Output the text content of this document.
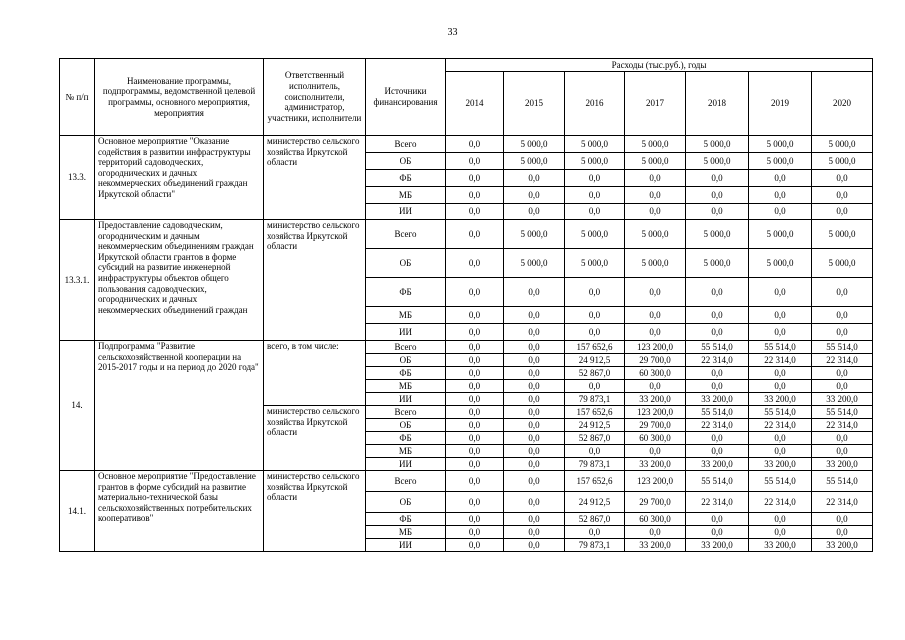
33
№ п/п	Наименование программы, подпрограммы, ведомственной целевой программы, основного мероприятия, мероприятия	Ответственный исполнитель, соисполнители, администратор, участники, исполнители	Источники финансирования	Расходы (тыс.руб.), годы						
				2014	2015	2016	2017	2018	2019	2020
13.3.	Основное мероприятие "Оказание содействия в развитии инфраструктуры территорий садоводческих, огороднических и дачных некоммерческих объединений граждан Иркутской области"	министерство сельского хозяйства Иркутской области	Всего	0,0	5 000,0	5 000,0	5 000,0	5 000,0	5 000,0	5 000,0
			ОБ	0,0	5 000,0	5 000,0	5 000,0	5 000,0	5 000,0	5 000,0
			ФБ	0,0	0,0	0,0	0,0	0,0	0,0	0,0
			МБ	0,0	0,0	0,0	0,0	0,0	0,0	0,0
			ИИ	0,0	0,0	0,0	0,0	0,0	0,0	0,0
13.3.1.	Предоставление садоводческим, огородническим и дачным некоммерческим объединениям граждан Иркутской области грантов в форме субсидий на развитие инженерной инфраструктуры объектов общего пользования садоводческих, огороднических и дачных некоммерческих объединений граждан	министерство сельского хозяйства Иркутской области	Всего	0,0	5 000,0	5 000,0	5 000,0	5 000,0	5 000,0	5 000,0
			ОБ	0,0	5 000,0	5 000,0	5 000,0	5 000,0	5 000,0	5 000,0
			ФБ	0,0	0,0	0,0	0,0	0,0	0,0	0,0
			МБ	0,0	0,0	0,0	0,0	0,0	0,0	0,0
			ИИ	0,0	0,0	0,0	0,0	0,0	0,0	0,0
14.	Подпрограмма "Развитие сельскохозяйственной кооперации на 2015-2017 годы и на период до 2020 года"	всего, в том числе:	Всего	0,0	0,0	157 652,6	123 200,0	55 514,0	55 514,0	55 514,0
			ОБ	0,0	0,0	24 912,5	29 700,0	22 314,0	22 314,0	22 314,0
			ФБ	0,0	0,0	52 867,0	60 300,0	0,0	0,0	0,0
			МБ	0,0	0,0	0,0	0,0	0,0	0,0	0,0
			ИИ	0,0	0,0	79 873,1	33 200,0	33 200,0	33 200,0	33 200,0
		министерство сельского хозяйства Иркутской области	Всего	0,0	0,0	157 652,6	123 200,0	55 514,0	55 514,0	55 514,0
			ОБ	0,0	0,0	24 912,5	29 700,0	22 314,0	22 314,0	22 314,0
			ФБ	0,0	0,0	52 867,0	60 300,0	0,0	0,0	0,0
			МБ	0,0	0,0	0,0	0,0	0,0	0,0	0,0
			ИИ	0,0	0,0	79 873,1	33 200,0	33 200,0	33 200,0	33 200,0
14.1.	Основное мероприятие "Предоставление грантов в форме субсидий на развитие материально-технической базы сельскохозяйственных потребительских кооперативов"	министерство сельского хозяйства Иркутской области	Всего	0,0	0,0	157 652,6	123 200,0	55 514,0	55 514,0	55 514,0
			ОБ	0,0	0,0	24 912,5	29 700,0	22 314,0	22 314,0	22 314,0
			ФБ	0,0	0,0	52 867,0	60 300,0	0,0	0,0	0,0
			МБ	0,0	0,0	0,0	0,0	0,0	0,0	0,0
			ИИ	0,0	0,0	79 873,1	33 200,0	33 200,0	33 200,0	33 200,0
